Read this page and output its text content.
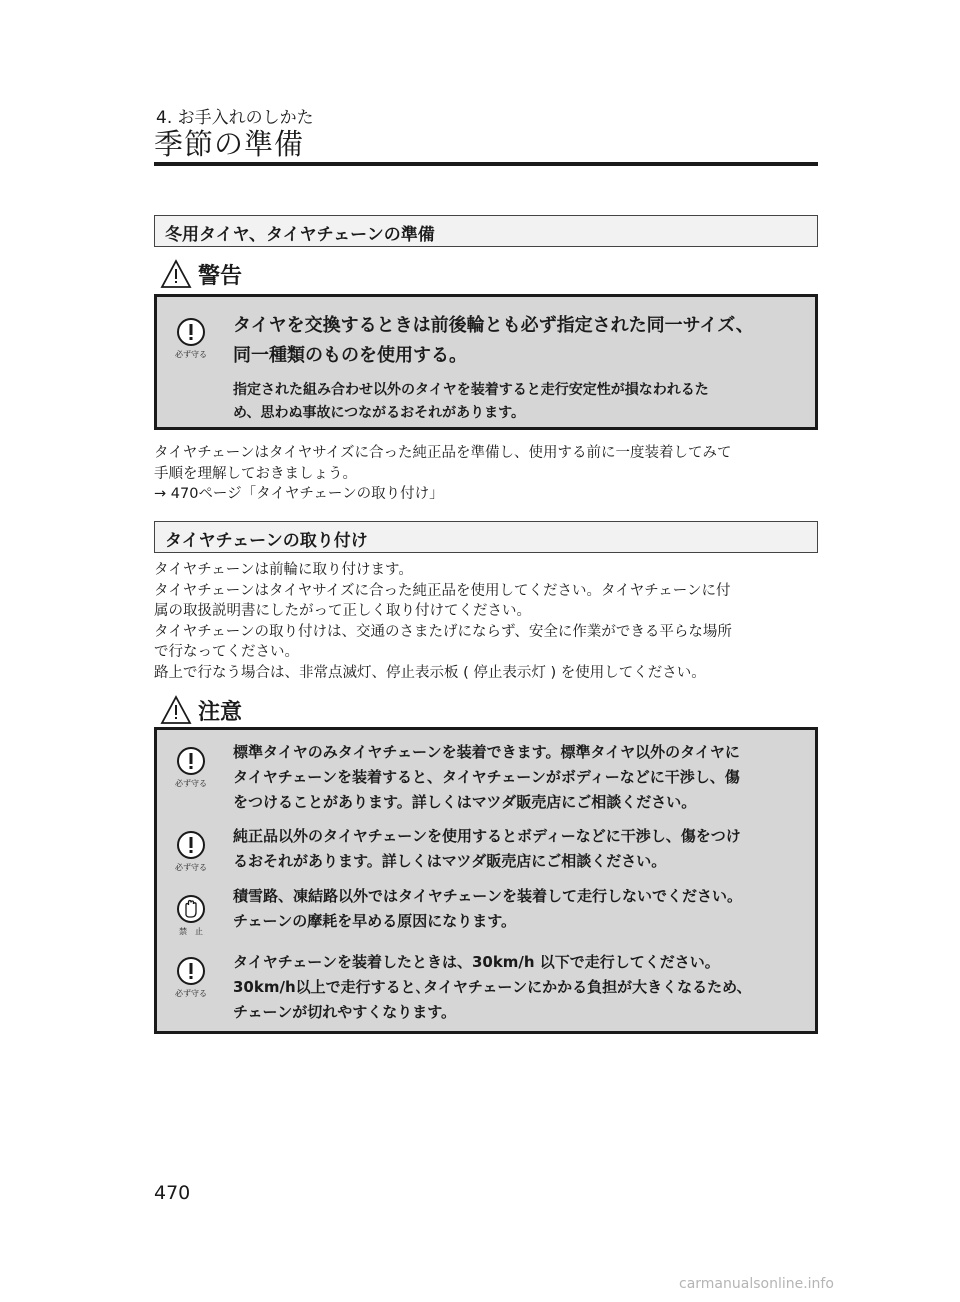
4. お手入れのしかた
季節の準備
冬用タイヤ、タイヤチェーンの準備
警告
必ず守る
タイヤを交換するときは前後輪とも必ず指定された同一サイズ、
同一種類のものを使用する。
指定された組み合わせ以外のタイヤを装着すると走行安定性が損なわれるた
め、思わぬ事故につながるおそれがあります。

タイヤチェーンはタイヤサイズに合った純正品を準備し、使用する前に一度装着してみて

手順を理解しておきましょう。

→ 470ページ「タイヤチェーンの取り付け」

タイヤチェーンの取り付け

タイヤチェーンは前輪に取り付けます。

タイヤチェーンはタイヤサイズに合った純正品を使用してください。タイヤチェーンに付

属の取扱説明書にしたがって正しく取り付けてください。

タイヤチェーンの取り付けは、交通のさまたげにならず、安全に作業ができる平らな場所

で行なってください。

路上で行なう場合は、非常点滅灯、停止表示板 ( 停止表示灯 ) を使用してください。

注意
必ず守る
標準タイヤのみタイヤチェーンを装着できます。標準タイヤ以外のタイヤに
タイヤチェーンを装着すると、タイヤチェーンがボディーなどに干渉し、傷
をつけることがあります。詳しくはマツダ販売店にご相談ください。
必ず守る
純正品以外のタイヤチェーンを使用するとボディーなどに干渉し、傷をつけ
るおそれがあります。詳しくはマツダ販売店にご相談ください。
禁　止
積雪路、凍結路以外ではタイヤチェーンを装着して走行しないでください。
チェーンの摩耗を早める原因になります。
必ず守る
タイヤチェーンを装着したときは、30km/h 以下で走行してください。
30km/h以上で走行すると､タイヤチェーンにかかる負担が大きくなるため、
チェーンが切れやすくなります。
470
carmanualsonline.info
